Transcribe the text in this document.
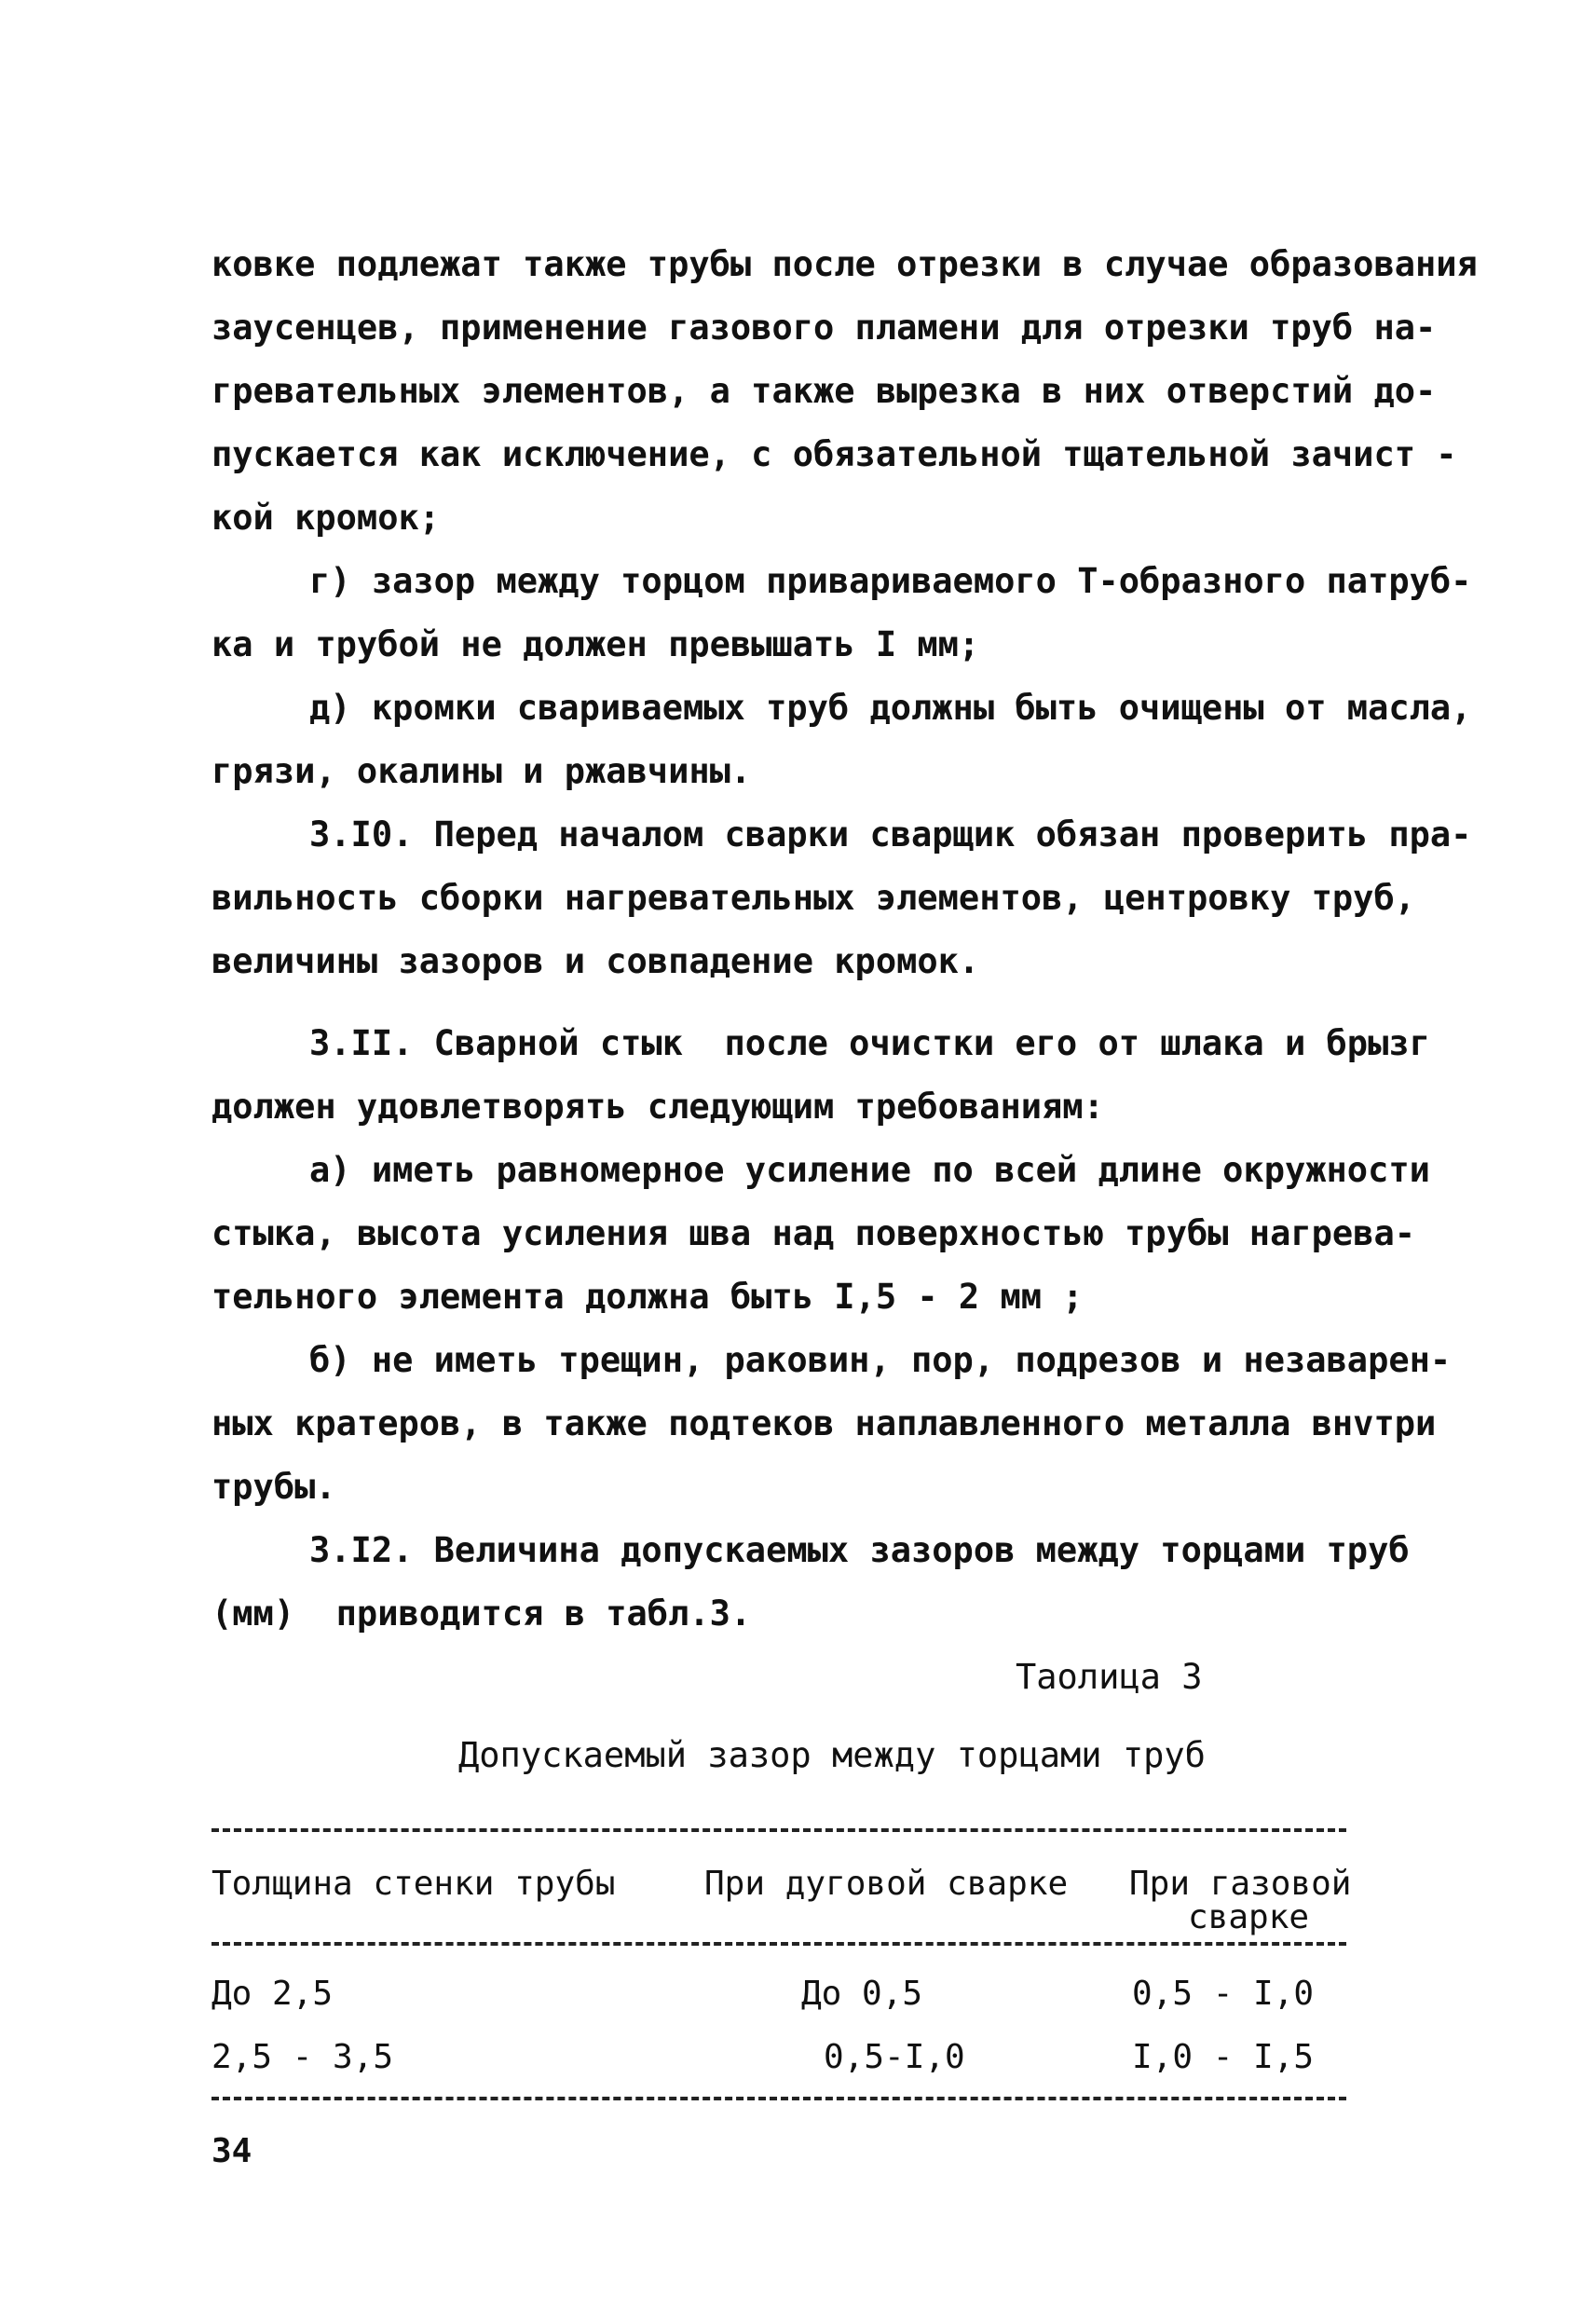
ковке подлежат также трубы после отрезки в случае образования
заусенцев, применение газового пламени для отрезки труб на-
гревательных элементов, а также вырезка в них отверстий до-
пускается как исключение, с обязательной тщательной зачист -
кой кромок;
г) зазор между торцом привариваемого Т-образного патруб-
ка и трубой не должен превышать I мм;
д) кромки свариваемых труб должны быть очищены от масла,
грязи, окалины и ржавчины.
3.I0. Перед началом сварки сварщик обязан проверить пра-
вильность сборки нагревательных элементов, центровку труб,
величины зазоров и совпадение кромок.
3.II. Сварной стык  после очистки его от шлака и брызг
должен удовлетворять следующим требованиям:
а) иметь равномерное усиление по всей длине окружности
стыка, высота усиления шва над поверхностью трубы нагрева-
тельного элемента должна быть I,5 - 2 мм ;
б) не иметь трещин, раковин, пор, подрезов и незаварен-
ных кратеров, в также подтеков наплавленного металла внvтри
трубы.
3.I2. Величина допускаемых зазоров между торцами труб
(мм)  приводится в табл.3.
Таолица 3
Допускаемый зазор между торцами труб
Толщина стенки трубы	При дуговой сварке При газовой
сварке
До 2,5	До 0,5	0,5 - I,0
2,5 - 3,5	0,5-I,0	I,0 - I,5
34
